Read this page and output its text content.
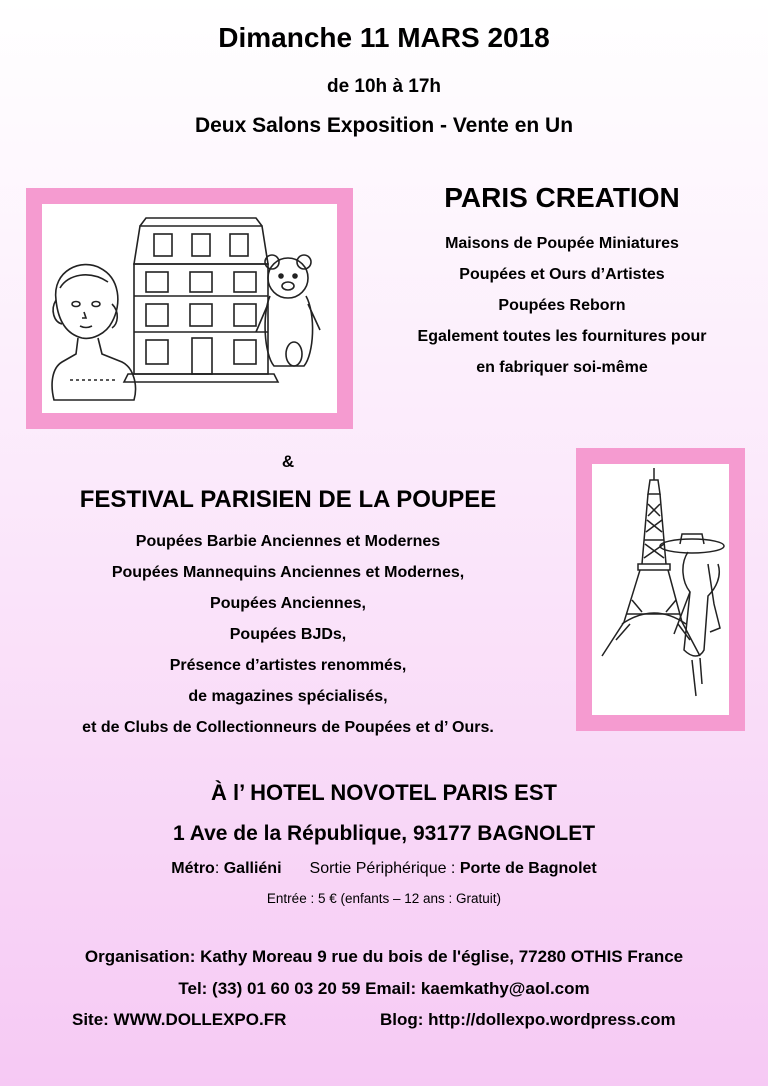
Dimanche 11 MARS 2018
de 10h à 17h
Deux Salons Exposition - Vente en Un
PARIS CREATION
Maisons de Poupée Miniatures
Poupées et Ours d’Artistes
Poupées Reborn
Egalement toutes les fournitures pour
en fabriquer soi-même
&
FESTIVAL PARISIEN DE LA POUPEE
Poupées Barbie Anciennes et Modernes
Poupées Mannequins Anciennes et Modernes,
Poupées Anciennes,
Poupées BJDs,
Présence d’artistes renommés,
de magazines spécialisés,
et de Clubs de Collectionneurs de Poupées et d’ Ours.
À l’ HOTEL NOVOTEL PARIS EST
1 Ave de la République, 93177 BAGNOLET
Métro: Galliéni Sortie Périphérique : Porte de Bagnolet
Entrée : 5 € (enfants – 12 ans : Gratuit)
Organisation: Kathy Moreau 9 rue du bois de l'église, 77280 OTHIS France
Tel: (33) 01 60 03 20 59 Email: kaemkathy@aol.com
Site: WWW.DOLLEXPO.FR	Blog: http://dollexpo.wordpress.com
